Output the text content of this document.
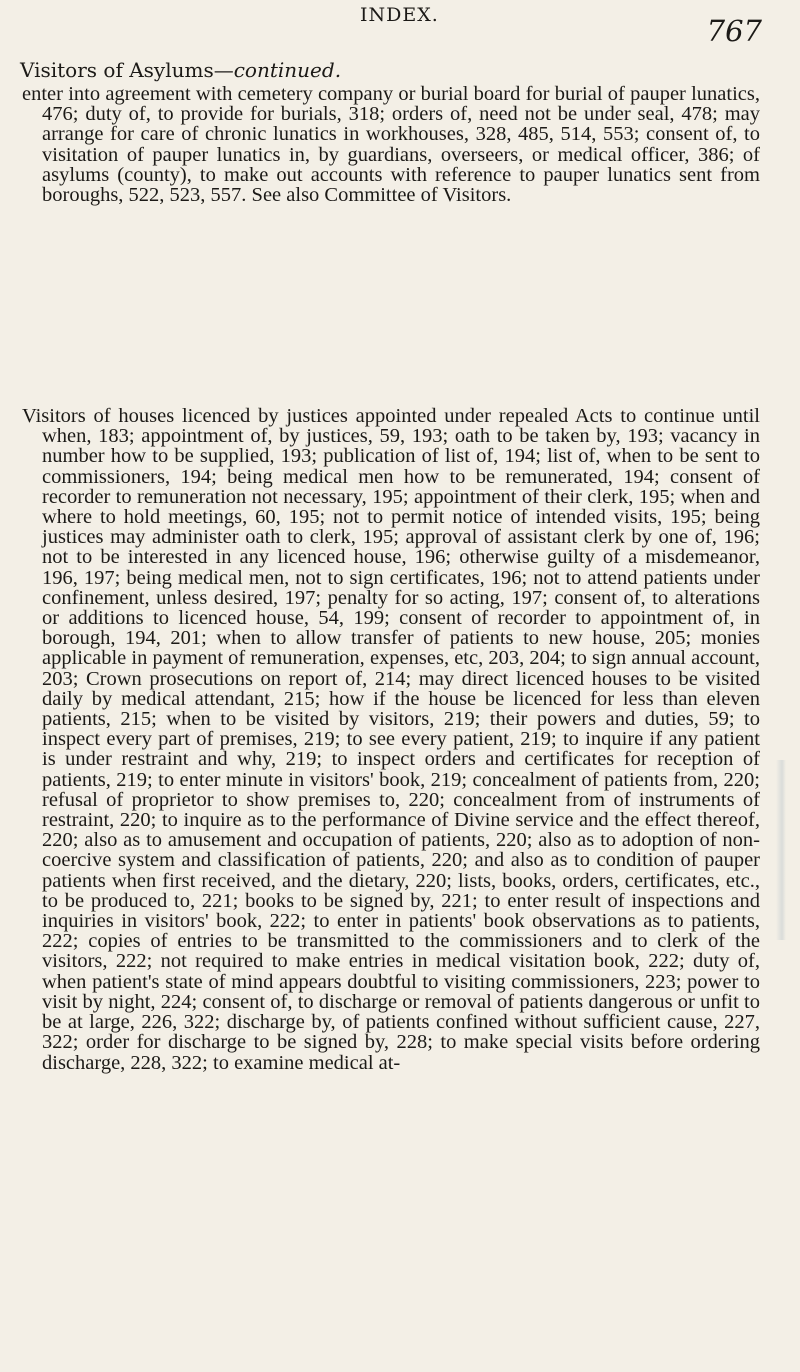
INDEX.	767
Visitors of Asylums—continued.

enter into agreement with cemetery company or burial board for burial of pauper lunatics, 476; duty of, to provide for burials, 318; orders of, need not be under seal, 478; may arrange for care of chronic lunatics in workhouses, 328, 485, 514, 553; consent of, to visitation of pauper lunatics in, by guardians, overseers, or medical officer, 386; of asylums (county), to make out accounts with reference to pauper lunatics sent from boroughs, 522, 523, 557. See also Committee of Visitors.

Visitors of houses licenced by justices appointed under repealed Acts to continue until when, 183; appointment of, by justices, 59, 193; oath to be taken by, 193; vacancy in number how to be supplied, 193; publication of list of, 194; list of, when to be sent to commissioners, 194; being medical men how to be remunerated, 194; consent of recorder to remuneration not necessary, 195; appointment of their clerk, 195; when and where to hold meetings, 60, 195; not to permit notice of intended visits, 195; being justices may administer oath to clerk, 195; approval of assistant clerk by one of, 196; not to be interested in any licenced house, 196; otherwise guilty of a misdemeanor, 196, 197; being medical men, not to sign certificates, 196; not to attend patients under confinement, unless desired, 197; penalty for so acting, 197; consent of, to alterations or additions to licenced house, 54, 199; consent of recorder to appointment of, in borough, 194, 201; when to allow transfer of patients to new house, 205; monies applicable in payment of remuneration, expenses, etc, 203, 204; to sign annual account, 203; Crown prosecutions on report of, 214; may direct licenced houses to be visited daily by medical attendant, 215; how if the house be licenced for less than eleven patients, 215; when to be visited by visitors, 219; their powers and duties, 59; to inspect every part of premises, 219; to see every patient, 219; to inquire if any patient is under restraint and why, 219; to inspect orders and certificates for reception of patients, 219; to enter minute in visitors' book, 219; concealment of patients from, 220; refusal of proprietor to show premises to, 220; concealment from of instruments of restraint, 220; to inquire as to the performance of Divine service and the effect thereof, 220; also as to amusement and occupation of patients, 220; also as to adoption of non-coercive system and classification of patients, 220; and also as to condition of pauper patients when first received, and the dietary, 220; lists, books, orders, certificates, etc., to be produced to, 221; books to be signed by, 221; to enter result of inspections and inquiries in visitors' book, 222; to enter in patients' book observations as to patients, 222; copies of entries to be transmitted to the commissioners and to clerk of the visitors, 222; not required to make entries in medical visitation book, 222; duty of, when patient's state of mind appears doubtful to visiting commissioners, 223; power to visit by night, 224; consent of, to discharge or removal of patients dangerous or unfit to be at large, 226, 322; discharge by, of patients confined without sufficient cause, 227, 322; order for discharge to be signed by, 228; to make special visits before ordering discharge, 228, 322; to examine medical at-
